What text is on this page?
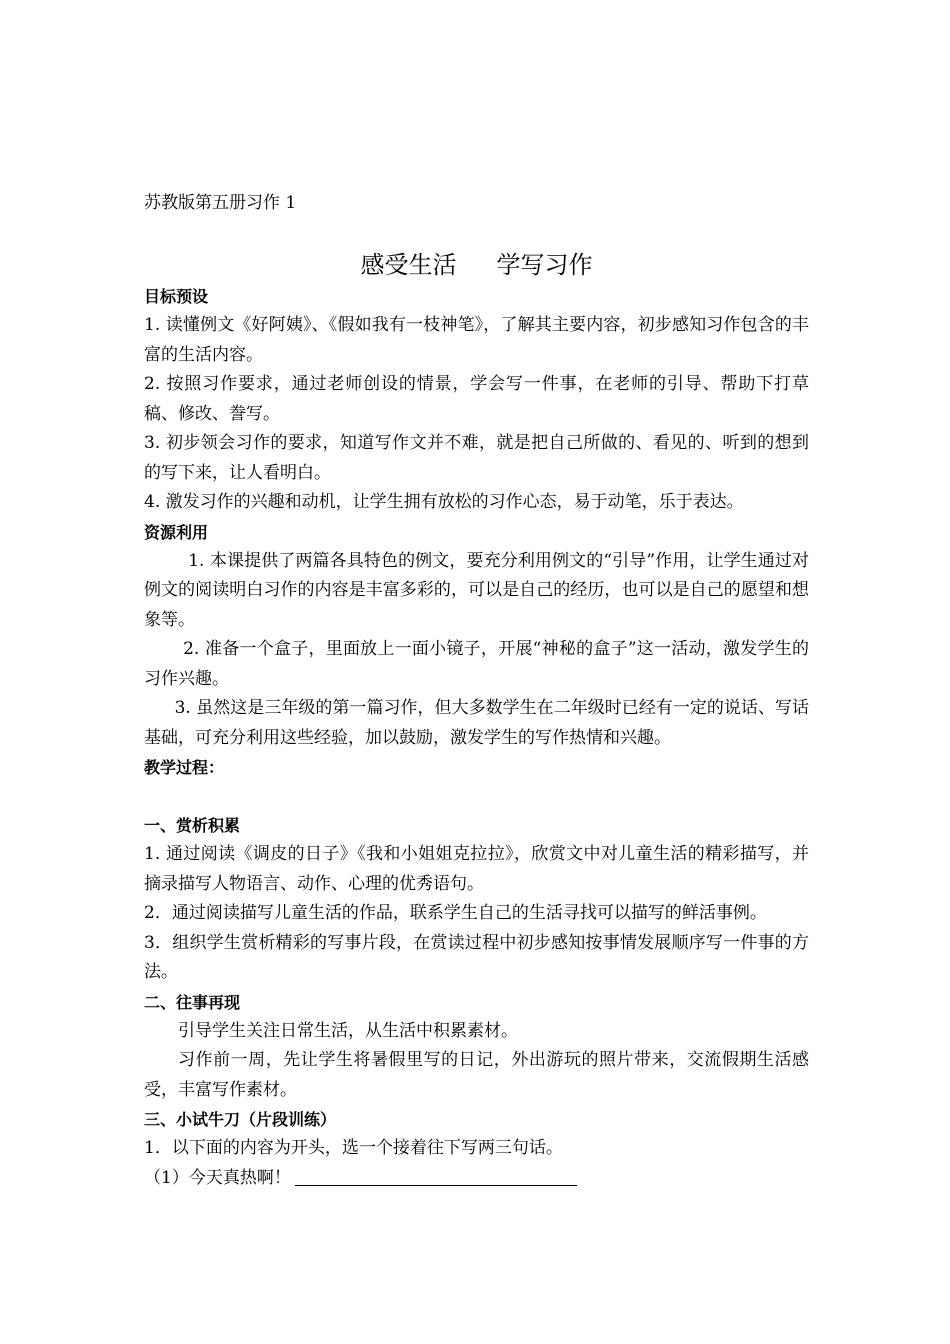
苏教版第五册习作 1
感受生活 学写习作
目标预设

1. 读懂例文《好阿姨》、《假如我有一枝神笔》，了解其主要内容，初步感知习作包含的丰富的生活内容。

2. 按照习作要求，通过老师创设的情景，学会写一件事，在老师的引导、帮助下打草稿、修改、誊写。

3. 初步领会习作的要求，知道写作文并不难，就是把自己所做的、看见的、听到的想到的写下来，让人看明白。

4. 激发习作的兴趣和动机，让学生拥有放松的习作心态，易于动笔，乐于表达。

资源利用

1. 本课提供了两篇各具特色的例文，要充分利用例文的“引导”作用，让学生通过对例文的阅读明白习作的内容是丰富多彩的，可以是自己的经历，也可以是自己的愿望和想象等。

2. 准备一个盒子，里面放上一面小镜子，开展“神秘的盒子”这一活动，激发学生的习作兴趣。

3. 虽然这是三年级的第一篇习作，但大多数学生在二年级时已经有一定的说话、写话基础，可充分利用这些经验，加以鼓励，激发学生的写作热情和兴趣。

教学过程：
一、赏析积累

1. 通过阅读《调皮的日子》《我和小姐姐克拉拉》，欣赏文中对儿童生活的精彩描写，并摘录描写人物语言、动作、心理的优秀语句。

2．通过阅读描写儿童生活的作品，联系学生自己的生活寻找可以描写的鲜活事例。

3．组织学生赏析精彩的写事片段，在赏读过程中初步感知按事情发展顺序写一件事的方法。

二、往事再现

引导学生关注日常生活，从生活中积累素材。

习作前一周，先让学生将暑假里写的日记，外出游玩的照片带来，交流假期生活感受，丰富写作素材。

三、小试牛刀（片段训练）

1．以下面的内容为开头，选一个接着往下写两三句话。

（1）今天真热啊！
